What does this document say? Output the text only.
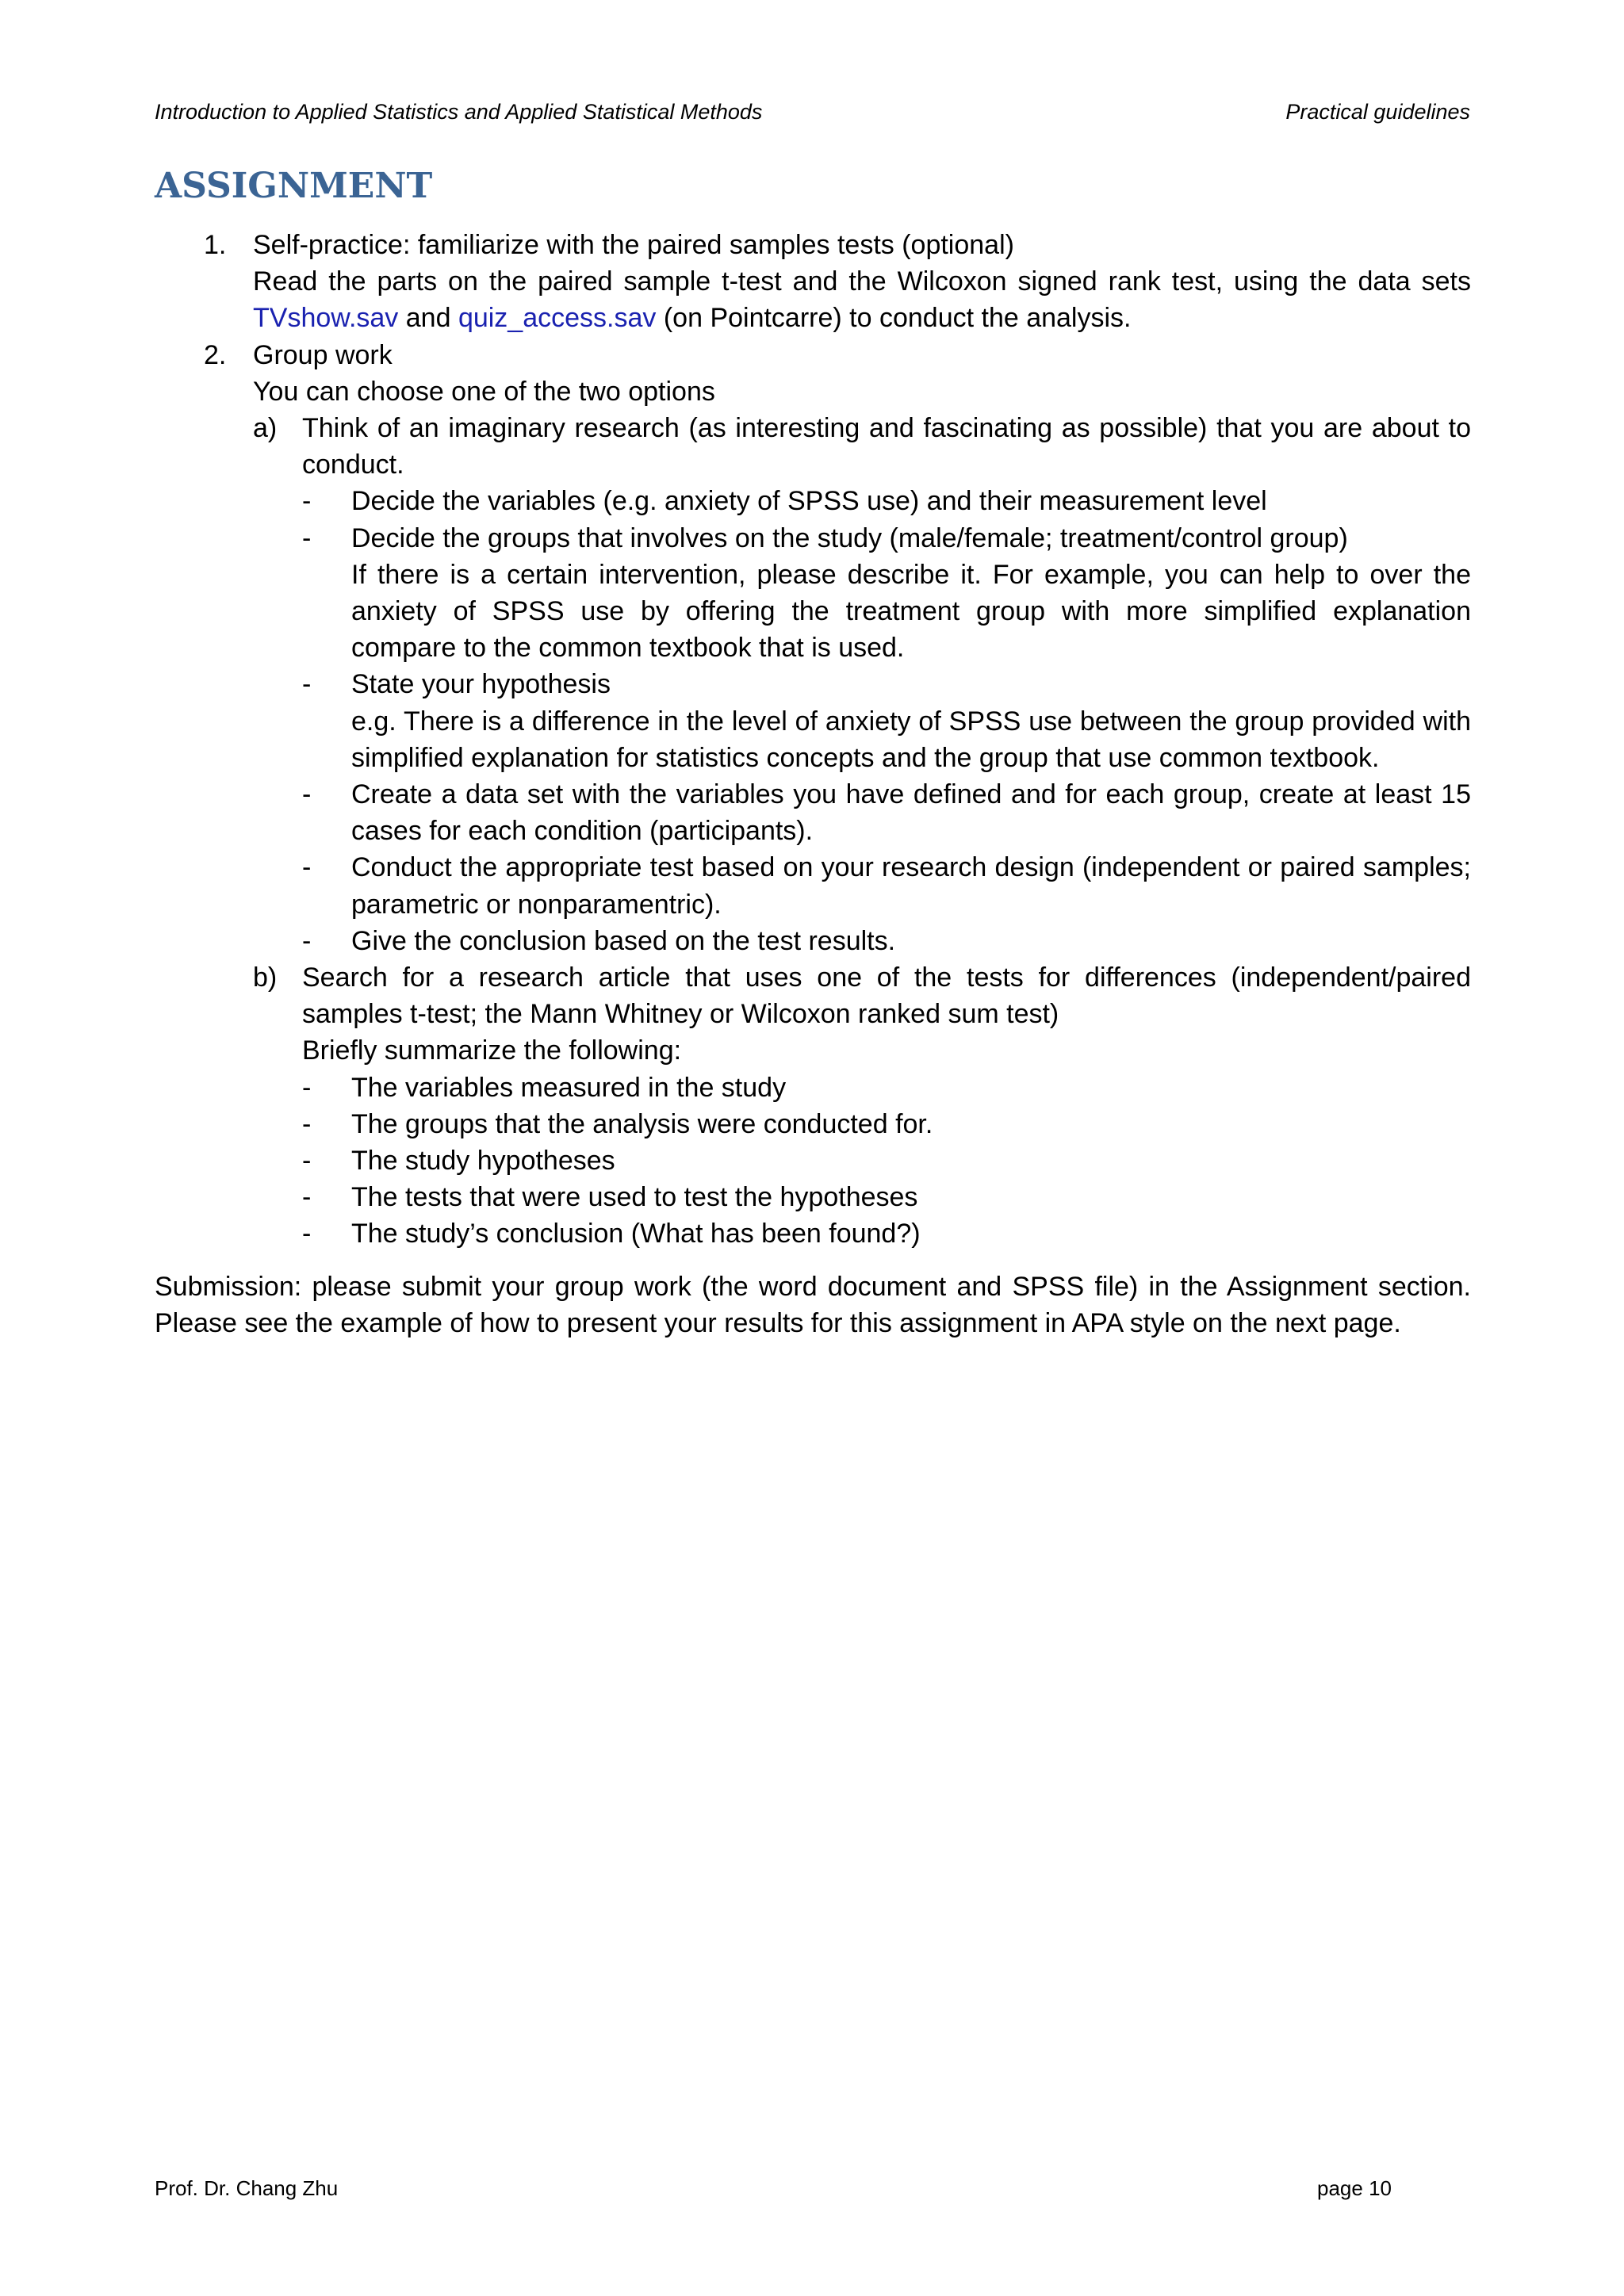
Introduction to Applied Statistics and Applied Statistical Methods	Practical guidelines
ASSIGNMENT
1. Self-practice: familiarize with the paired samples tests (optional)
Read the parts on the paired sample t-test and the Wilcoxon signed rank test, using the data sets TVshow.sav and quiz_access.sav (on Pointcarre) to conduct the analysis.
2. Group work
You can choose one of the two options
a) Think of an imaginary research (as interesting and fascinating as possible) that you are about to conduct.
-	Decide the variables (e.g. anxiety of SPSS use) and their measurement level
-	Decide the groups that involves on the study (male/female; treatment/control group)
If there is a certain intervention, please describe it. For example, you can help to over the anxiety of SPSS use by offering the treatment group with more simplified explanation compare to the common textbook that is used.
-	State your hypothesis
e.g. There is a difference in the level of anxiety of SPSS use between the group provided with simplified explanation for statistics concepts and the group that use common textbook.
-	Create a data set with the variables you have defined and for each group, create at least 15 cases for each condition (participants).
-	Conduct the appropriate test based on your research design (independent or paired samples; parametric or nonparamentric).
-	Give the conclusion based on the test results.
b) Search for a research article that uses one of the tests for differences (independent/paired samples t-test; the Mann Whitney or Wilcoxon ranked sum test)
Briefly summarize the following:
-	The variables measured in the study
-	The groups that the analysis were conducted for.
-	The study hypotheses
-	The tests that were used to test the hypotheses
-	The study’s conclusion (What has been found?)

Submission: please submit your group work (the word document and SPSS file) in the Assignment section. Please see the example of how to present your results for this assignment in APA style on the next page.

Prof. Dr. Chang Zhu	page 10
